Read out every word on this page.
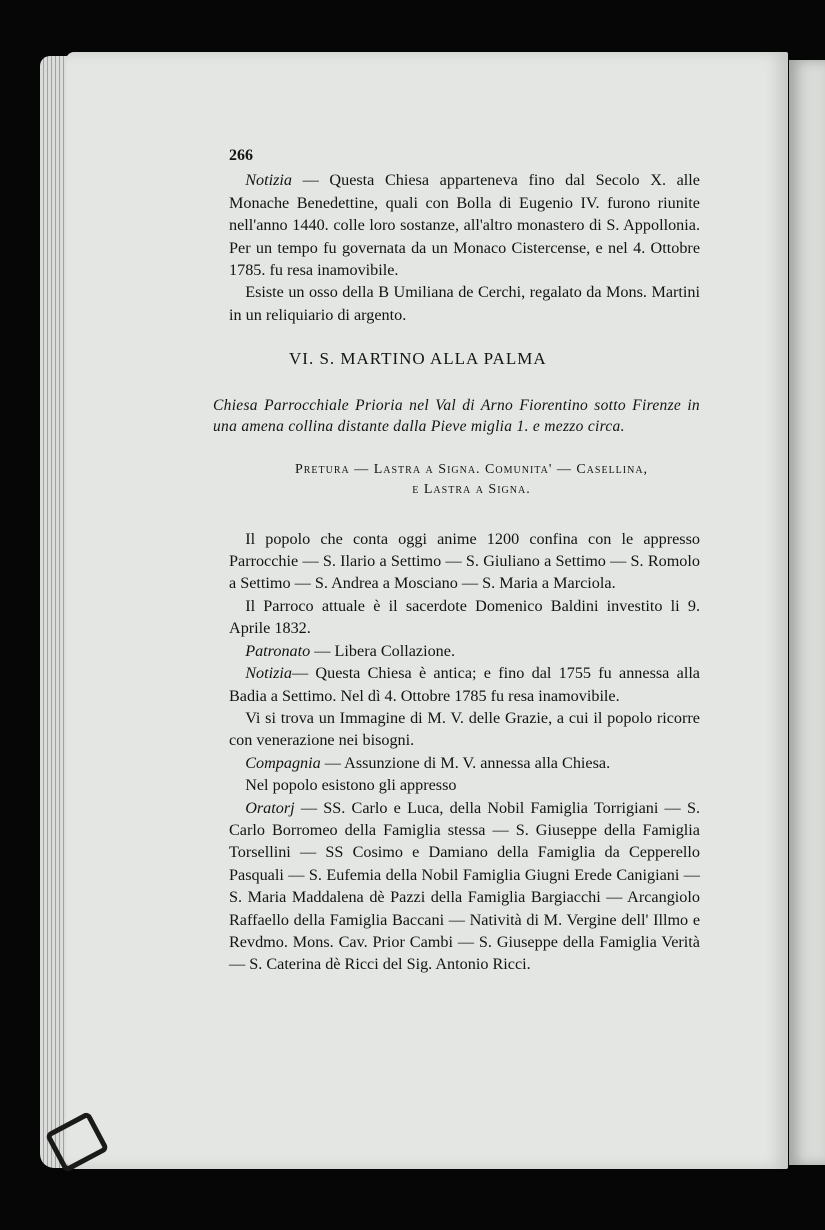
266

Notizia — Questa Chiesa apparteneva fino dal Secolo X. alle Monache Benedettine, quali con Bolla di Eugenio IV. furono riunite nell'anno 1440. colle loro sostanze, all'altro monastero di S. Appollonia. Per un tempo fu governata da un Monaco Cistercense, e nel 4. Ottobre 1785. fu resa inamovibile.

Esiste un osso della B Umiliana de Cerchi, regalato da Mons. Martini in un reliquiario di argento.

VI. S. MARTINO ALLA PALMA

Chiesa Parrocchiale Prioria nel Val di Arno Fiorentino sotto Firenze in una amena collina distante dalla Pieve miglia 1. e mezzo circa.

Pretura — Lastra a Signa. Comunita' — Casellina,
e Lastra a Signa.

Il popolo che conta oggi anime 1200 confina con le appresso Parrocchie — S. Ilario a Settimo — S. Giuliano a Settimo — S. Romolo a Settimo — S. Andrea a Mosciano — S. Maria a Marciola.

Il Parroco attuale è il sacerdote Domenico Baldini investito li 9. Aprile 1832.

Patronato — Libera Collazione.

Notizia— Questa Chiesa è antica; e fino dal 1755 fu annessa alla Badia a Settimo. Nel dì 4. Ottobre 1785 fu resa inamovibile.

Vi si trova un Immagine di M. V. delle Grazie, a cui il popolo ricorre con venerazione nei bisogni.

Compagnia — Assunzione di M. V. annessa alla Chiesa.

Nel popolo esistono gli appresso

Oratorj — SS. Carlo e Luca, della Nobil Famiglia Torrigiani — S. Carlo Borromeo della Famiglia stessa — S. Giuseppe della Famiglia Torsellini — SS Cosimo e Damiano della Famiglia da Cepperello Pasquali — S. Eufemia della Nobil Famiglia Giugni Erede Canigiani — S. Maria Maddalena dè Pazzi della Famiglia Bargiacchi — Arcangiolo Raffaello della Famiglia Baccani — Natività di M. Vergine dell' Illmo e Revdmo. Mons. Cav. Prior Cambi — S. Giuseppe della Famiglia Verità — S. Caterina dè Ricci del Sig. Antonio Ricci.
